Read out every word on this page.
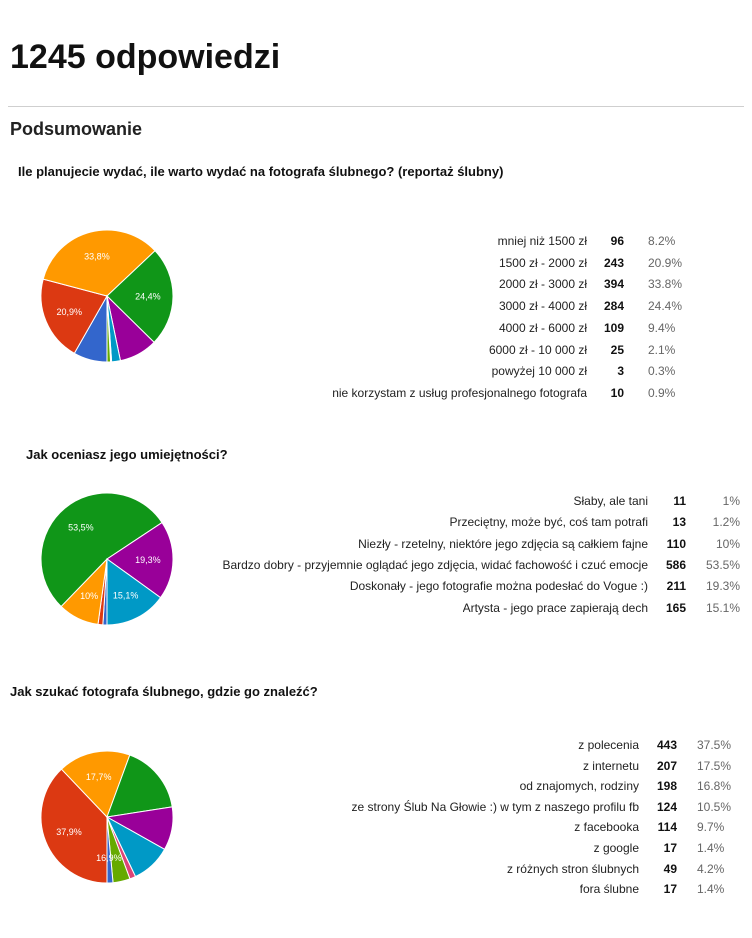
1245 odpowiedzi
Podsumowanie
Ile planujecie wydać, ile warto wydać na fotografa ślubnego? (reportaż ślubny)
20,9%
33,8%
24,4%
mniej niż 1500 zł 96 8.2%
1500 zł - 2000 zł 243 20.9%
2000 zł - 3000 zł 394 33.8%
3000 zł - 4000 zł 284 24.4%
4000 zł - 6000 zł 109 9.4%
6000 zł - 10 000 zł 25 2.1%
powyżej 10 000 zł	3 0.3%
nie korzystam z usług profesjonalnego fotografa 10 0.9%
Jak oceniasz jego umiejętności?
10%
53,5%
19,3%
15,1%
Słaby, ale tani 11	1%
Przeciętny, może być, coś tam potrafi 13 1.2%
Niezły - rzetelny, niektóre jego zdjęcia są całkiem fajne 110 10%
Bardzo dobry - przyjemnie oglądać jego zdjęcia, widać fachowość i czuć emocje 586 53.5%
Doskonały - jego fotografie można podesłać do Vogue :) 211 19.3%
Artysta - jego prace zapierają dech 165 15.1%
Jak szukać fotografa ślubnego, gdzie go znaleźć?
37,9%
17,7%
16,9%
z polecenia 443 37.5%
z internetu 207 17.5%
od znajomych, rodziny 198 16.8%
ze strony Ślub Na Głowie :) w tym z naszego profilu fb 124 10.5%
z facebooka 114 9.7%
z google 17 1.4%
z różnych stron ślubnych 49 4.2%
fora ślubne 17 1.4%
